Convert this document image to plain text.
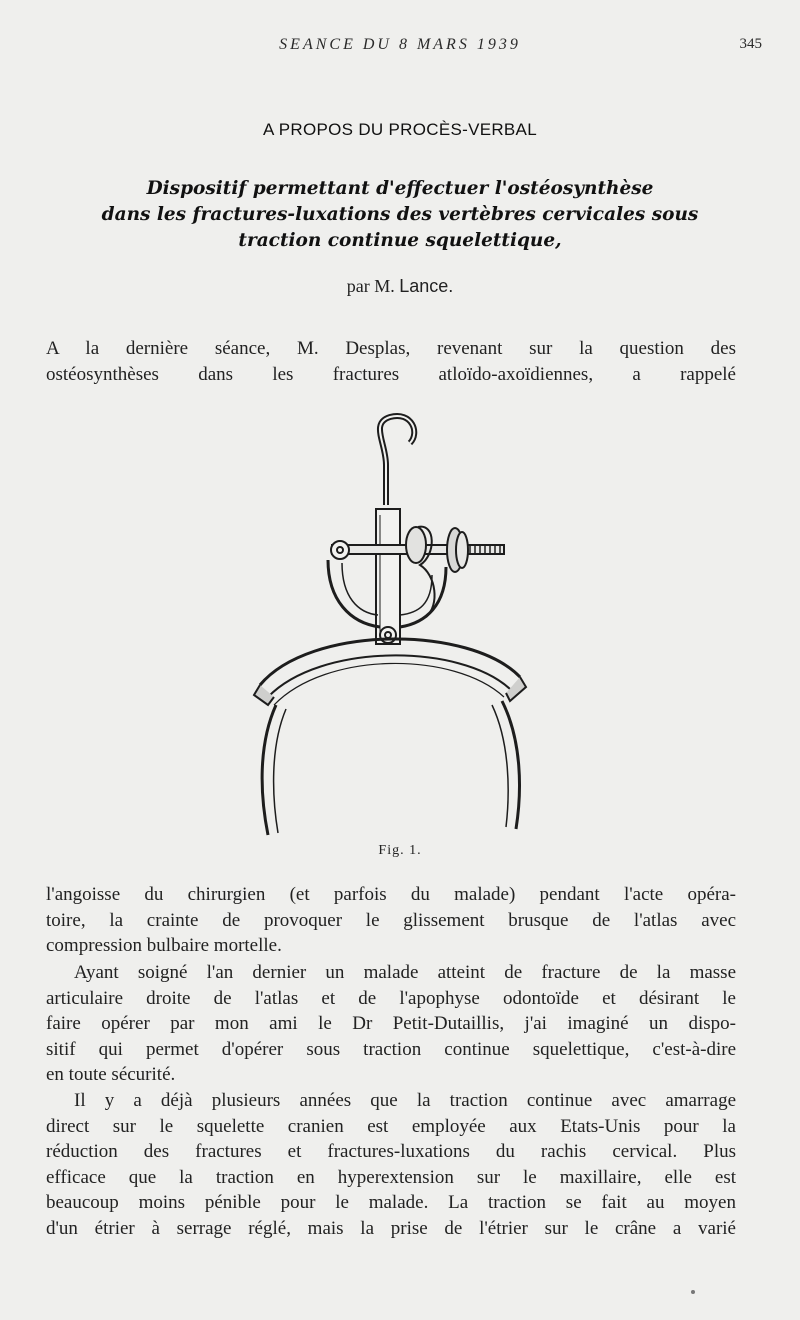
SEANCE DU 8 MARS 1939	345
A PROPOS DU PROCÈS-VERBAL
Dispositif permettant d'effectuer l'ostéosynthèse
dans les fractures-luxations des vertèbres cervicales sous
traction continue squelettique,
par M. Lance.
A la dernière séance, M. Desplas, revenant sur la question des
ostéosynthèses dans les fractures atloïdo-axoïdiennes, a rappelé
Fig. 1.
l'angoisse du chirurgien (et parfois du malade) pendant l'acte opéra-
toire, la crainte de provoquer le glissement brusque de l'atlas avec
compression bulbaire mortelle.
Ayant soigné l'an dernier un malade atteint de fracture de la masse
articulaire droite de l'atlas et de l'apophyse odontoïde et désirant le
faire opérer par mon ami le Dr Petit-Dutaillis, j'ai imaginé un dispo-
sitif qui permet d'opérer sous traction continue squelettique, c'est-à-dire
en toute sécurité.
Il y a déjà plusieurs années que la traction continue avec amarrage
direct sur le squelette cranien est employée aux Etats-Unis pour la
réduction des fractures et fractures-luxations du rachis cervical. Plus
efficace que la traction en hyperextension sur le maxillaire, elle est
beaucoup moins pénible pour le malade. La traction se fait au moyen
d'un étrier à serrage réglé, mais la prise de l'étrier sur le crâne a varié
